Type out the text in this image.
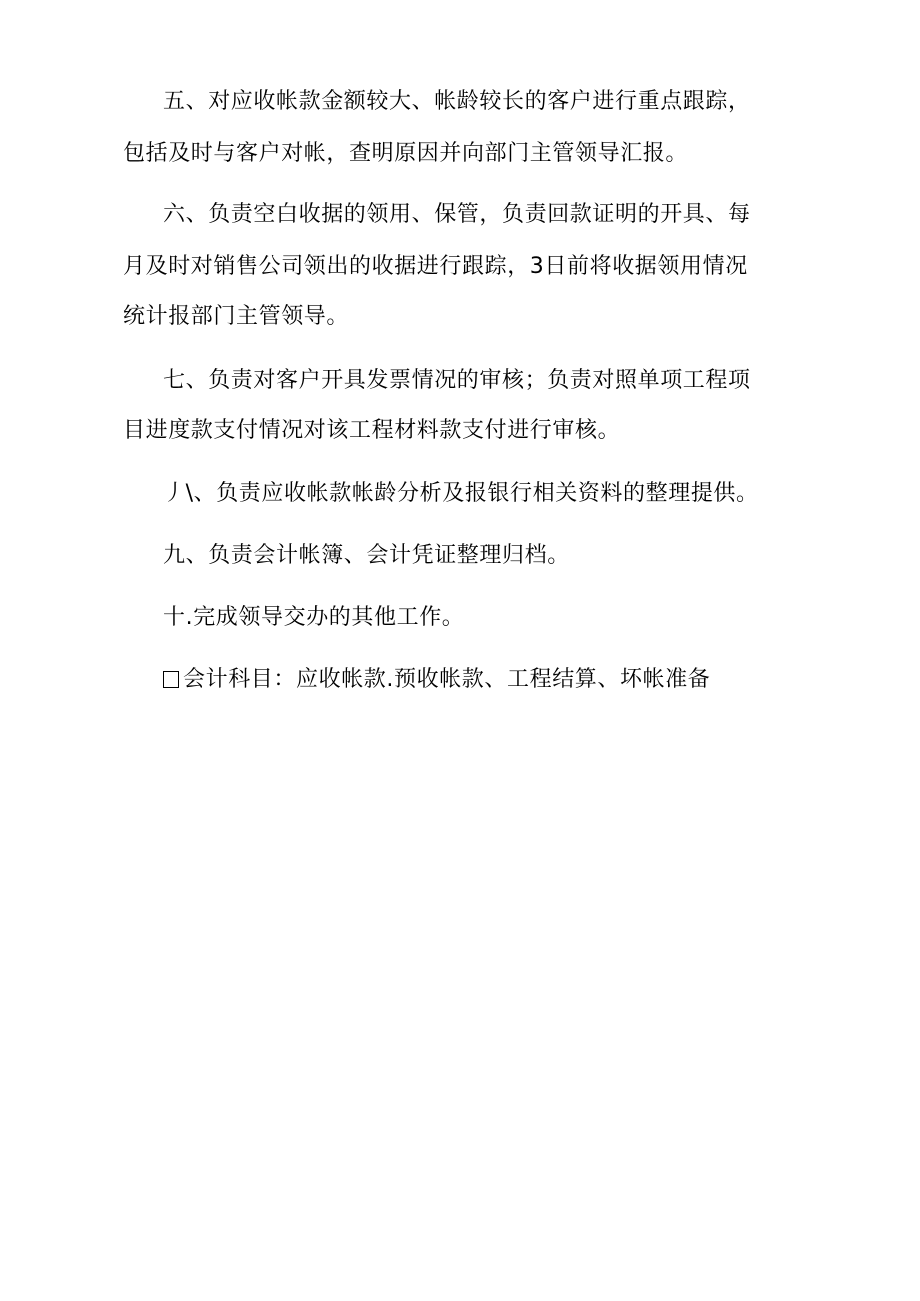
五、对应收帐款金额较大、帐龄较长的客户进行重点跟踪，
包括及时与客户对帐，查明原因并向部门主管领导汇报。
六、负责空白收据的领用、保管，负责回款证明的开具、每
月及时对销售公司领出的收据进行跟踪，3日前将收据领用情况
统计报部门主管领导。
七、负责对客户开具发票情况的审核；负责对照单项工程项
目进度款支付情况对该工程材料款支付进行审核。
丿\、负责应收帐款帐龄分析及报银行相关资料的整理提供。
九、负责会计帐簿、会计凭证整理归档。
十.完成领导交办的其他工作。
会计科目：应收帐款.预收帐款、工程结算、坏帐准备
